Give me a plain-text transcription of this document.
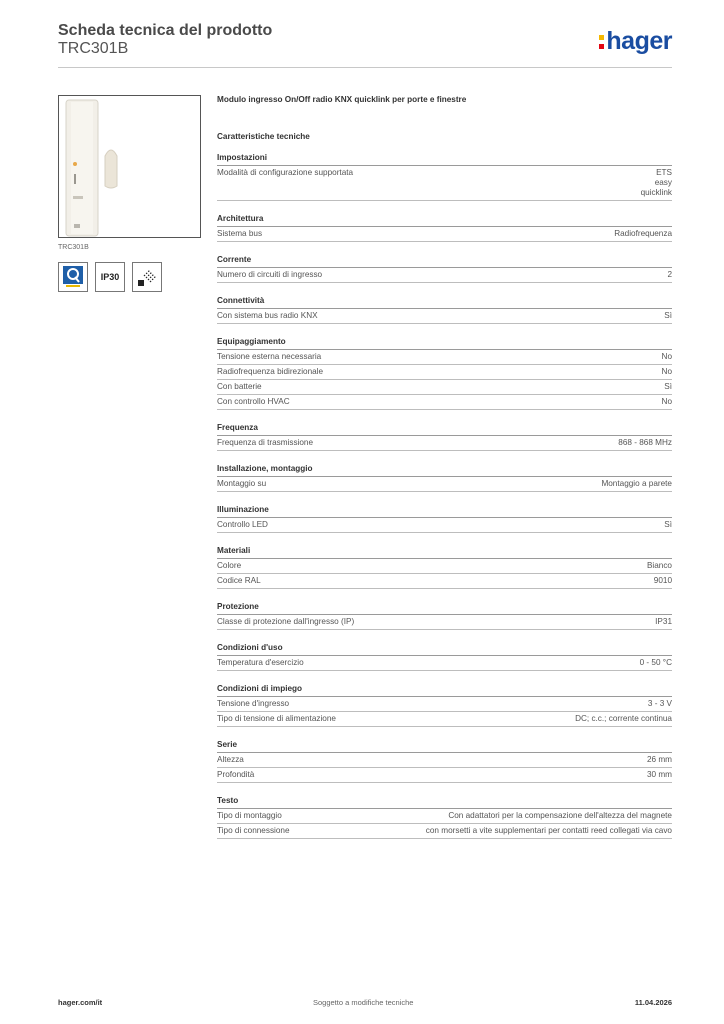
Scheda tecnica del prodotto
TRC301B	hager
TRC301B
IP30
Modulo ingresso On/Off radio KNX quicklink per porte e finestre
Caratteristiche tecniche
Impostazioni
Modalità di configurazione supportata	ETS
easy
quicklink
Architettura
Sistema bus	Radiofrequenza
Corrente
Numero di circuiti di ingresso	2
Connettività
Con sistema bus radio KNX	Sì
Equipaggiamento
Tensione esterna necessaria	No
Radiofrequenza bidirezionale	No
Con batterie	Sì
Con controllo HVAC	No
Frequenza
Frequenza di trasmissione	868 - 868 MHz
Installazione, montaggio
Montaggio su	Montaggio a parete
Illuminazione
Controllo LED	Sì
Materiali
Colore	Bianco
Codice RAL	9010
Protezione
Classe di protezione dall'ingresso (IP)	IP31
Condizioni d'uso
Temperatura d'esercizio	0 - 50 °C
Condizioni di impiego
Tensione d'ingresso	3 - 3 V
Tipo di tensione di alimentazione	DC; c.c.; corrente continua
Serie
Altezza	26 mm
Profondità	30 mm
Testo
Tipo di montaggio	Con adattatori per la compensazione dell'altezza del magnete
Tipo di connessione	con morsetti a vite supplementari per contatti reed collegati via cavo
hager.com/it	Soggetto a modifiche tecniche	11.04.2026
